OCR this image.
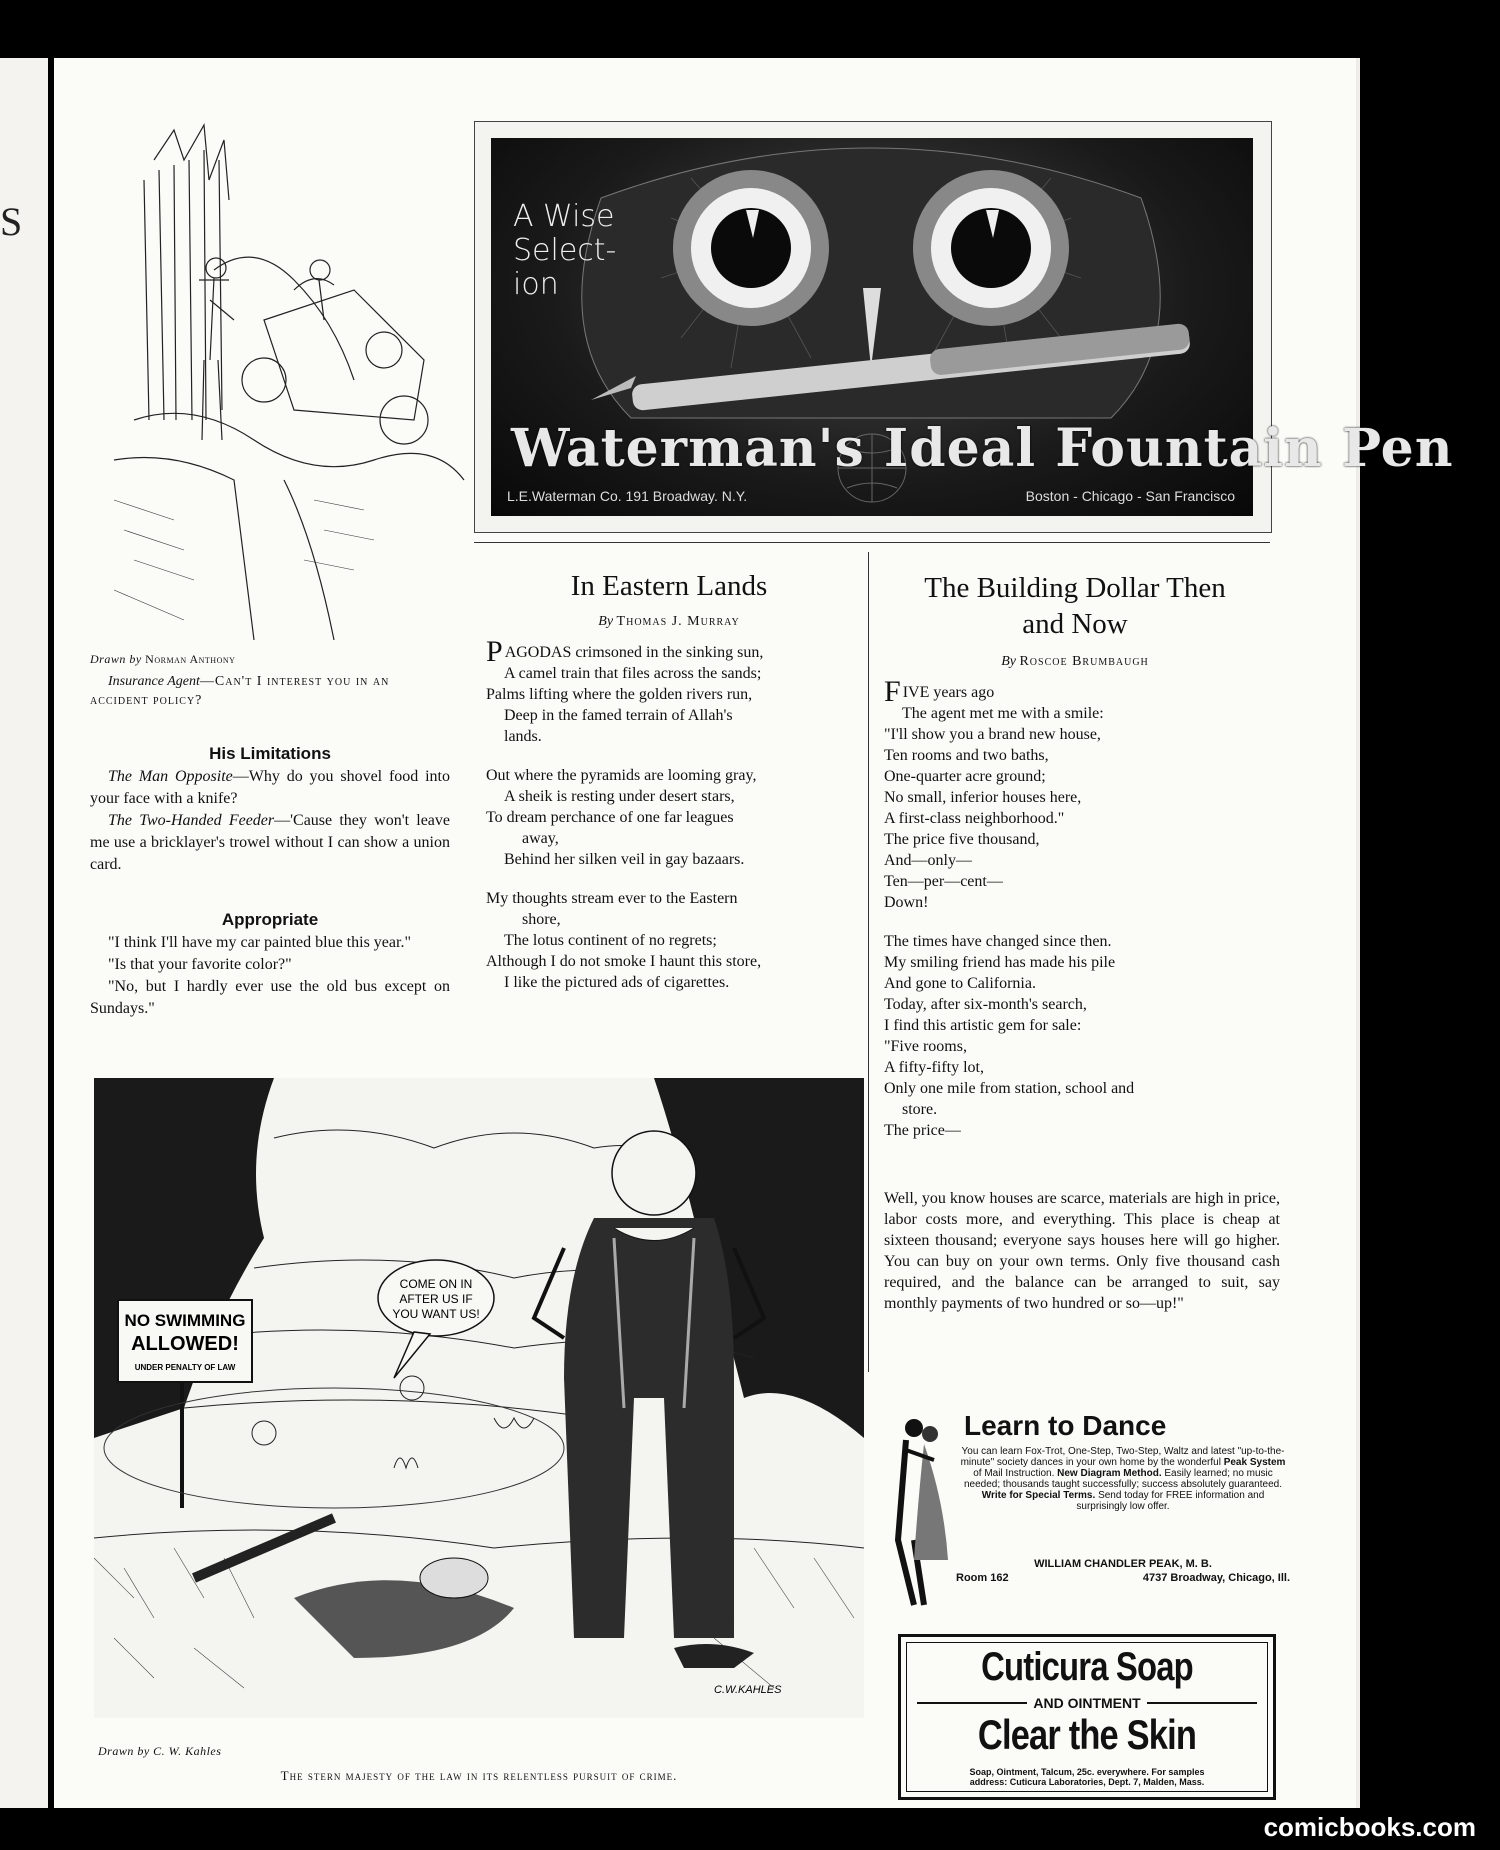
S
Drawn by Norman Anthony
Insurance Agent—Can't I interest you in an accident policy?
His Limitations

The Man Opposite—Why do you shovel food into your face with a knife?

The Two-Handed Feeder—'Cause they won't leave me use a bricklayer's trowel without I can show a union card.

Appropriate

"I think I'll have my car painted blue this year."

"Is that your favorite color?"

"No, but I hardly ever use the old bus except on Sundays."

A Wise Select-ion
Waterman's Ideal Fountain Pen
L.E.Waterman Co. 191 Broadway. N.Y.	Boston - Chicago - San Francisco
In Eastern Lands
By Thomas J. Murray
PAGODAS crimsoned in the sinking sun,
A camel train that files across the sands;
Palms lifting where the golden rivers run,
Deep in the famed terrain of Allah's
lands.
Out where the pyramids are looming gray,
A sheik is resting under desert stars,
To dream perchance of one far leagues
away,
Behind her silken veil in gay bazaars.
My thoughts stream ever to the Eastern
shore,
The lotus continent of no regrets;
Although I do not smoke I haunt this store,
I like the pictured ads of cigarettes.
The Building Dollar Then
and Now
By Roscoe Brumbaugh
FIVE years ago
The agent met me with a smile:
"I'll show you a brand new house,
Ten rooms and two baths,
One-quarter acre ground;
No small, inferior houses here,
A first-class neighborhood."
The price five thousand,
And—only—
Ten—per—cent—
Down!
The times have changed since then.
My smiling friend has made his pile
And gone to California.
Today, after six-month's search,
I find this artistic gem for sale:
"Five rooms,
A fifty-fifty lot,
Only one mile from station, school and
store.
The price—
Well, you know houses are scarce, materials are high in price, labor costs more, and everything. This place is cheap at sixteen thousand; everyone says houses here will go higher. You can buy on your own terms. Only five thousand cash required, and the balance can be arranged to suit, say monthly payments of two hundred or so—up!"
NO SWIMMING
ALLOWED!
UNDER PENALTY OF LAW
COME ON IN
AFTER US IF
YOU WANT US!
C.W.KAHLES
Drawn by C. W. Kahles
The stern majesty of the law in its relentless pursuit of crime.
Learn to Dance
You can learn Fox-Trot, One-Step, Two-Step, Waltz and latest "up-to-the-minute" society dances in your own home by the wonderful Peak System of Mail Instruction. New Diagram Method. Easily learned; no music needed; thousands taught successfully; success absolutely guaranteed. Write for Special Terms. Send today for FREE information and surprisingly low offer.
WILLIAM CHANDLER PEAK, M. B.
Room 162	4737 Broadway, Chicago, Ill.
Cuticura Soap
AND OINTMENT
Clear the Skin
Soap, Ointment, Talcum, 25c. everywhere. For samples
address: Cuticura Laboratories, Dept. 7, Malden, Mass.
comicbooks.com
